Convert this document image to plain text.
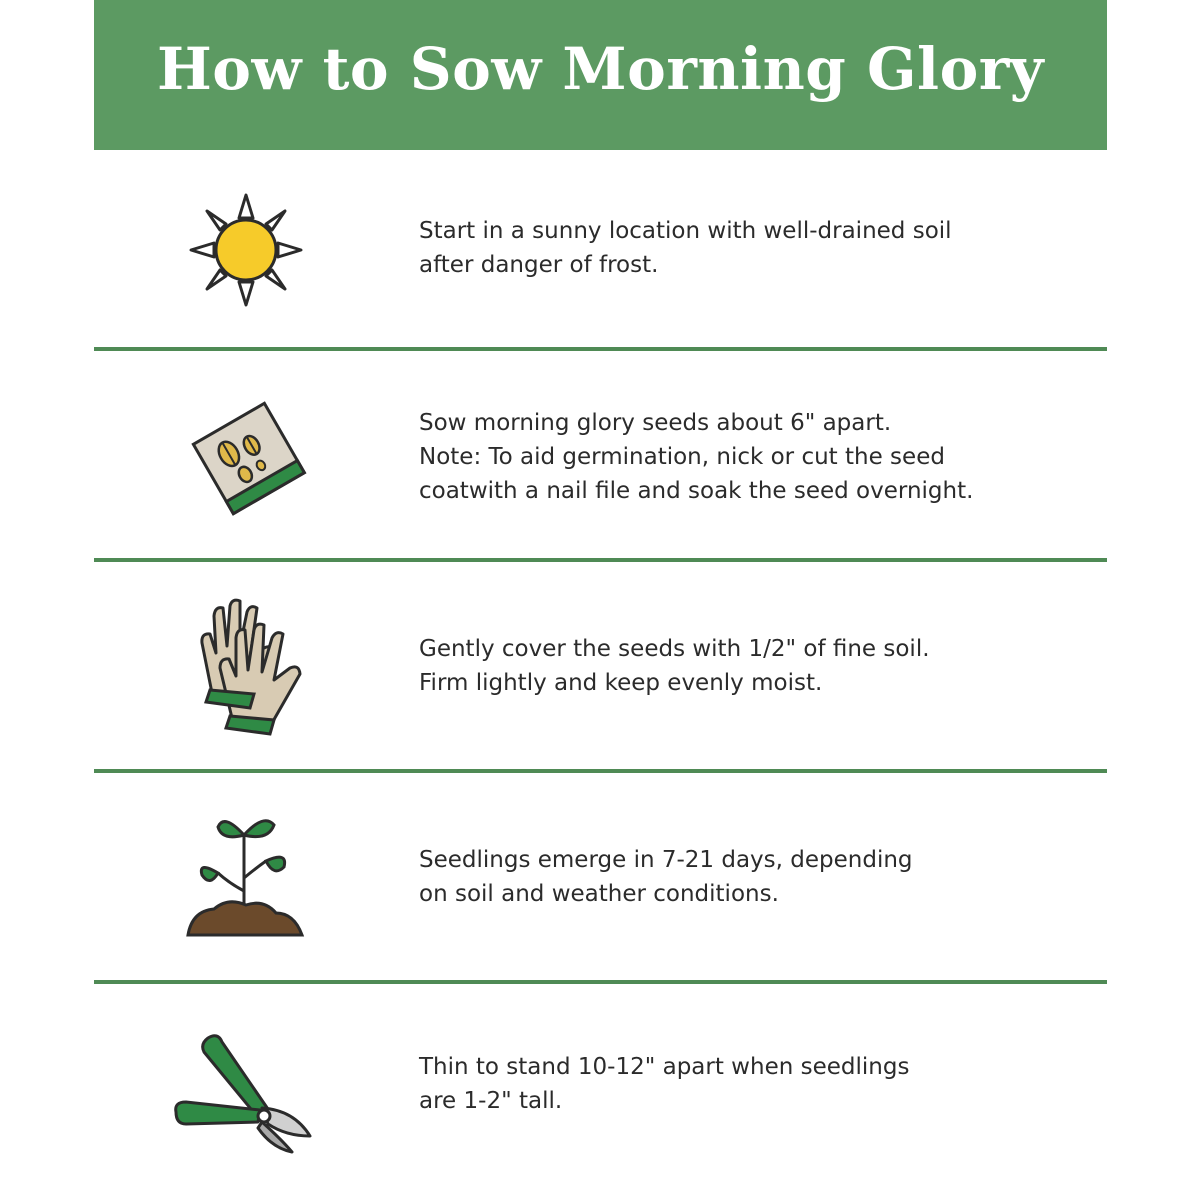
How to Sow Morning Glory

Start in a sunny location with well-drained soil
after danger of frost.

Sow morning glory seeds about 6" apart.
Note: To aid germination, nick or cut the seed
coatwith a nail file and soak the seed overnight.

Gently cover the seeds with 1/2" of fine soil.
Firm lightly and keep evenly moist.

Seedlings emerge in 7-21 days, depending
on soil and weather conditions.

Thin to stand 10-12" apart when seedlings
are 1-2" tall.
